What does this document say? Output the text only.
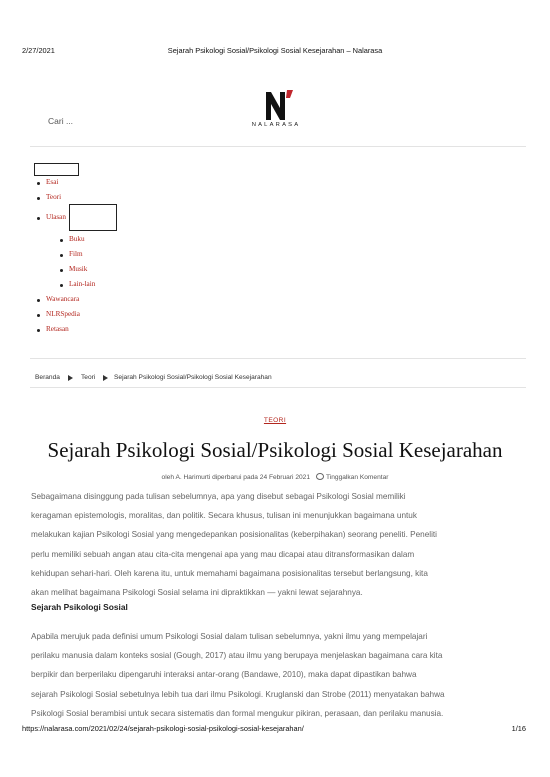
2/27/2021	Sejarah Psikologi Sosial/Psikologi Sosial Kesejarahan – Nalarasa
Cari ...	NALARASA
Esai
Teori
Ulasan
Buku
Film
Musik
Lain-lain
Wawancara
NLRSpedia
Retasan
Beranda	Teori	Sejarah Psikologi Sosial/Psikologi Sosial Kesejarahan
TEORI
Sejarah Psikologi Sosial/Psikologi Sosial Kesejarahan
oleh A. Harimurti diperbarui pada 24 Februari 2021 Tinggalkan Komentar
Sebagaimana disinggung pada tulisan sebelumnya, apa yang disebut sebagai Psikologi Sosial memiliki
keragaman epistemologis, moralitas, dan politik. Secara khusus, tulisan ini menunjukkan bagaimana untuk
melakukan kajian Psikologi Sosial yang mengedepankan posisionalitas (keberpihakan) seorang peneliti. Peneliti
perlu memiliki sebuah angan atau cita-cita mengenai apa yang mau dicapai atau ditransformasikan dalam
kehidupan sehari-hari. Oleh karena itu, untuk memahami bagaimana posisionalitas tersebut berlangsung, kita
akan melihat bagaimana Psikologi Sosial selama ini dipraktikkan — yakni lewat sejarahnya.
Sejarah Psikologi Sosial
Apabila merujuk pada definisi umum Psikologi Sosial dalam tulisan sebelumnya, yakni ilmu yang mempelajari
perilaku manusia dalam konteks sosial (Gough, 2017) atau ilmu yang berupaya menjelaskan bagaimana cara kita
berpikir dan berperilaku dipengaruhi interaksi antar-orang (Bandawe, 2010), maka dapat dipastikan bahwa
sejarah Psikologi Sosial sebetulnya lebih tua dari ilmu Psikologi. Kruglanski dan Strobe (2011) menyatakan bahwa
Psikologi Sosial berambisi untuk secara sistematis dan formal mengukur pikiran, perasaan, dan perilaku manusia.
https://nalarasa.com/2021/02/24/sejarah-psikologi-sosial-psikologi-sosial-kesejarahan/	1/16
